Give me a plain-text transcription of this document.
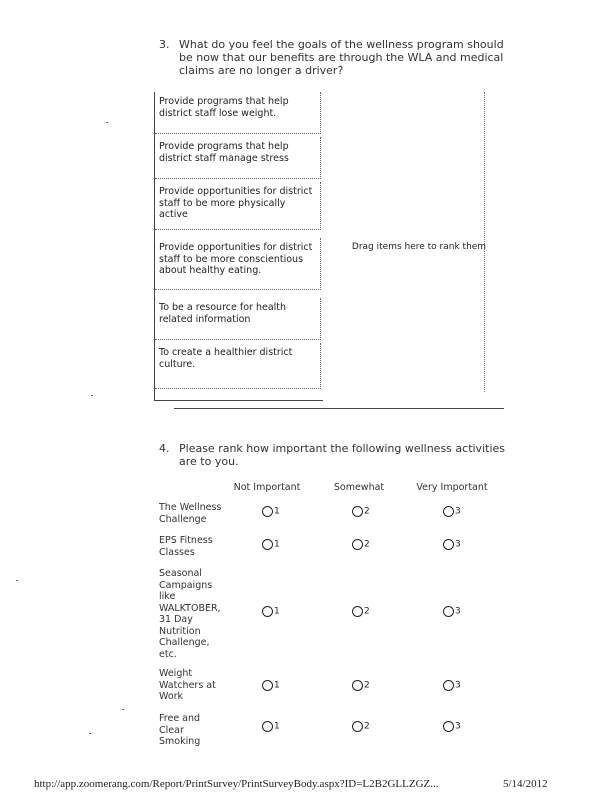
3. What do you feel the goals of the wellness program should be now that our benefits are through the WLA and medical claims are no longer a driver?
Provide programs that help district staff lose weight.
Provide programs that help district staff manage stress
Provide opportunities for district staff to be more physically active
Provide opportunities for district staff to be more conscientious about healthy eating.
To be a resource for health related information
To create a healthier district culture.
Drag items here to rank them
4. Please rank how important the following wellness activities are to you.
Not Important	Somewhat	Very Important
The Wellness Challenge
1	2	3
EPS Fitness Classes
1	2	3
Seasonal Campaigns like WALKTOBER, 31 Day Nutrition Challenge, etc.
1	2	3
Weight Watchers at Work
1	2	3
Free and Clear Smoking
1	2	3
http://app.zoomerang.com/Report/PrintSurvey/PrintSurveyBody.aspx?ID=L2B2GLLZGZ...	5/14/2012
